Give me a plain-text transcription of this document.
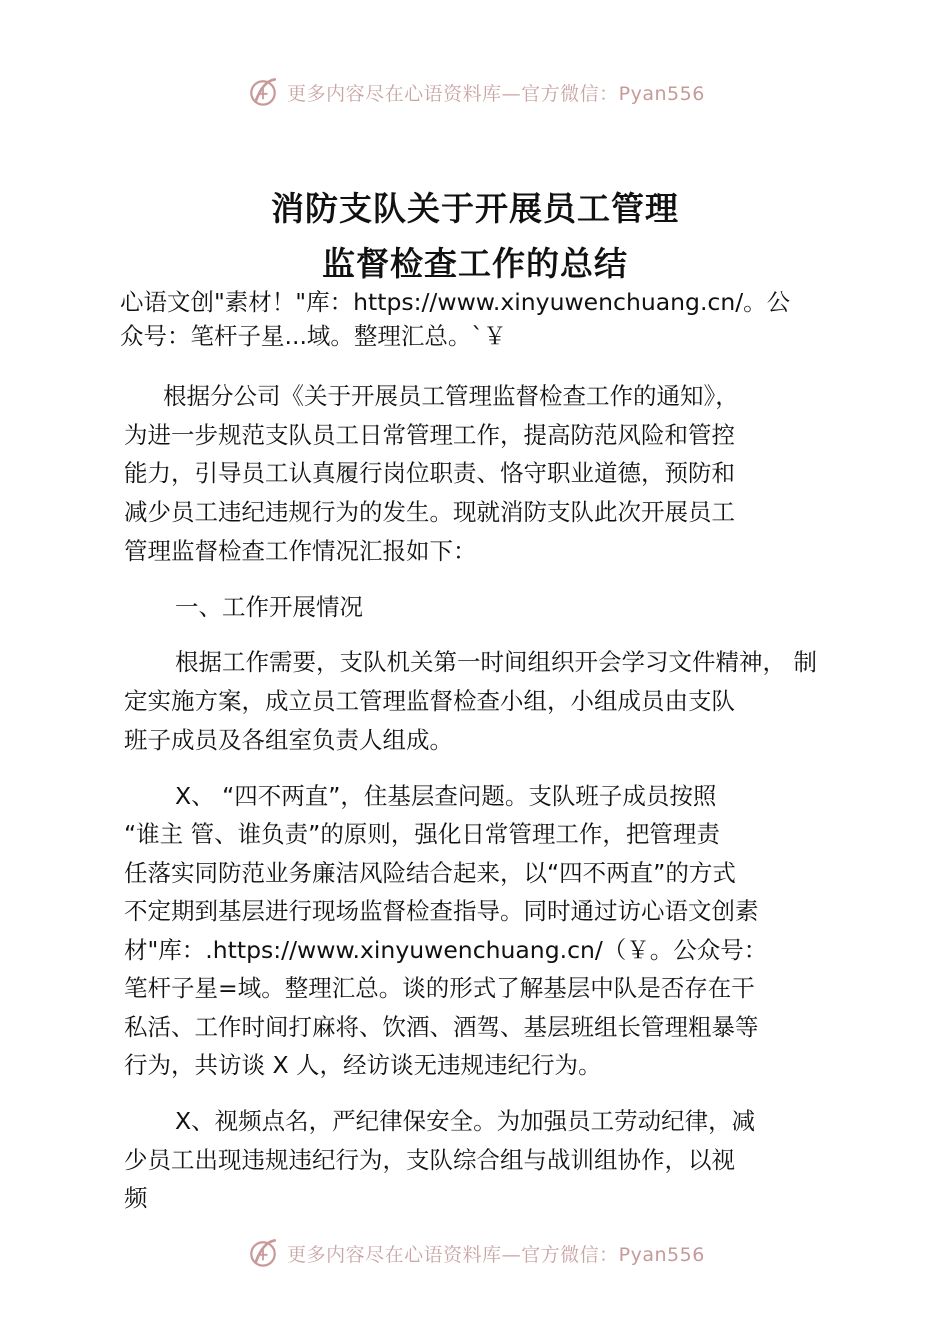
更多内容尽在心语资料库—官方微信：Pyan556
消防支队关于开展员工管理
监督检查工作的总结
心语文创"素材！"库：https://www.xinyuwenchuang.cn/。公
众号：笔杆子星...域。整理汇总。`￥
根据分公司《关于开展员工管理监督检查工作的通知》，
为进一步规范支队员工日常管理工作，提高防范风险和管控
能力，引导员工认真履行岗位职责、恪守职业道德，预防和
减少员工违纪违规行为的发生。现就消防支队此次开展员工
管理监督检查工作情况汇报如下：
一、工作开展情况
根据工作需要，支队机关第一时间组织开会学习文件精神， 制
定实施方案，成立员工管理监督检查小组，小组成员由支队
班子成员及各组室负责人组成。
X、 “四不两直”，住基层查问题。支队班子成员按照
“谁主 管、谁负责”的原则，强化日常管理工作，把管理责
任落实同防范业务廉洁风险结合起来，以“四不两直”的方式
不定期到基层进行现场监督检查指导。同时通过访心语文创素
材"库：.https://www.xinyuwenchuang.cn/（￥。公众号：
笔杆子星=域。整理汇总。谈的形式了解基层中队是否存在干
私活、工作时间打麻将、饮酒、酒驾、基层班组长管理粗暴等
行为，共访谈 X 人，经访谈无违规违纪行为。
X、视频点名，严纪律保安全。为加强员工劳动纪律，减
少员工出现违规违纪行为，支队综合组与战训组协作，以视
频
更多内容尽在心语资料库—官方微信：Pyan556
